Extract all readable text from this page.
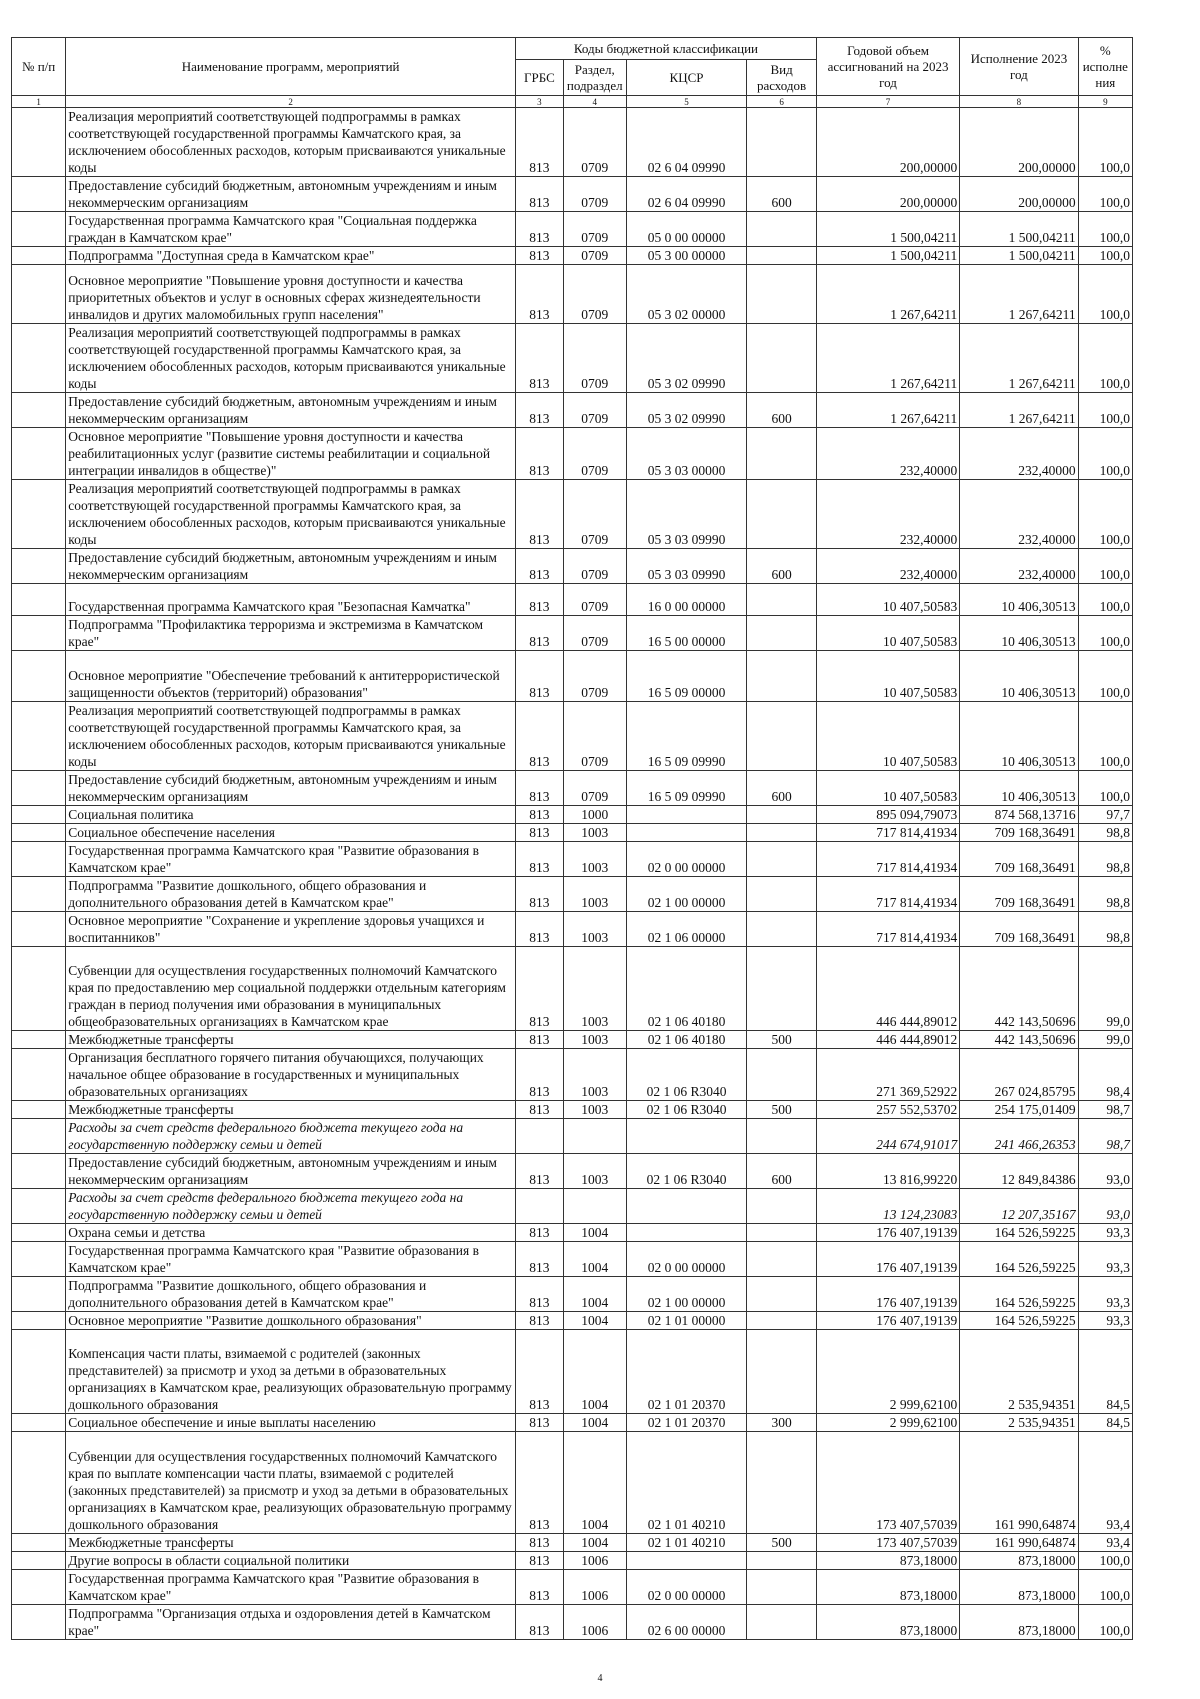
№ п/п	Наименование программ, мероприятий	Коды бюджетной классификации				Годовой объем ассигнований на 2023 год	Исполнение 2023 год	% исполне ния
		ГРБС	Раздел, подраздел	КЦСР	Вид расходов			
1	2	3	4	5	6	7	8	9
	Реализация мероприятий соответствующей подпрограммы в рамках соответствующей государственной программы Камчатского края, за исключением обособленных расходов, которым присваиваются уникальные коды	813	0709	02 6 04 09990		200,00000	200,00000	100,0
	Предоставление субсидий бюджетным, автономным учреждениям и иным некоммерческим организациям	813	0709	02 6 04 09990	600	200,00000	200,00000	100,0
	Государственная программа Камчатского края "Социальная поддержка граждан в Камчатском крае"	813	0709	05 0 00 00000		1 500,04211	1 500,04211	100,0
	Подпрограмма "Доступная среда в Камчатском крае"	813	0709	05 3 00 00000		1 500,04211	1 500,04211	100,0
	Основное мероприятие "Повышение уровня доступности и качества приоритетных объектов и услуг в основных сферах жизнедеятельности инвалидов и других маломобильных групп населения"	813	0709	05 3 02 00000		1 267,64211	1 267,64211	100,0
	Реализация мероприятий соответствующей подпрограммы в рамках соответствующей государственной программы Камчатского края, за исключением обособленных расходов, которым присваиваются уникальные коды	813	0709	05 3 02 09990		1 267,64211	1 267,64211	100,0
	Предоставление субсидий бюджетным, автономным учреждениям и иным некоммерческим организациям	813	0709	05 3 02 09990	600	1 267,64211	1 267,64211	100,0
	Основное мероприятие "Повышение уровня доступности и качества реабилитационных услуг (развитие системы реабилитации и социальной интеграции инвалидов в обществе)"	813	0709	05 3 03 00000		232,40000	232,40000	100,0
	Реализация мероприятий соответствующей подпрограммы в рамках соответствующей государственной программы Камчатского края, за исключением обособленных расходов, которым присваиваются уникальные коды	813	0709	05 3 03 09990		232,40000	232,40000	100,0
	Предоставление субсидий бюджетным, автономным учреждениям и иным некоммерческим организациям	813	0709	05 3 03 09990	600	232,40000	232,40000	100,0
	Государственная программа Камчатского края "Безопасная Камчатка"	813	0709	16 0 00 00000		10 407,50583	10 406,30513	100,0
	Подпрограмма "Профилактика терроризма и экстремизма в Камчатском крае"	813	0709	16 5 00 00000		10 407,50583	10 406,30513	100,0
	Основное мероприятие "Обеспечение требований к антитеррористической защищенности объектов (территорий) образования"	813	0709	16 5 09 00000		10 407,50583	10 406,30513	100,0
	Реализация мероприятий соответствующей подпрограммы в рамках соответствующей государственной программы Камчатского края, за исключением обособленных расходов, которым присваиваются уникальные коды	813	0709	16 5 09 09990		10 407,50583	10 406,30513	100,0
	Предоставление субсидий бюджетным, автономным учреждениям и иным некоммерческим организациям	813	0709	16 5 09 09990	600	10 407,50583	10 406,30513	100,0
	Социальная политика	813	1000			895 094,79073	874 568,13716	97,7
	Социальное обеспечение населения	813	1003			717 814,41934	709 168,36491	98,8
	Государственная программа Камчатского края "Развитие образования в Камчатском крае"	813	1003	02 0 00 00000		717 814,41934	709 168,36491	98,8
	Подпрограмма "Развитие дошкольного, общего образования и дополнительного образования детей в Камчатском крае"	813	1003	02 1 00 00000		717 814,41934	709 168,36491	98,8
	Основное мероприятие "Сохранение и укрепление здоровья учащихся и воспитанников"	813	1003	02 1 06 00000		717 814,41934	709 168,36491	98,8
	Субвенции для осуществления государственных полномочий Камчатского края по предоставлению мер социальной поддержки отдельным категориям граждан в период получения ими образования в муниципальных общеобразовательных организациях в Камчатском крае	813	1003	02 1 06 40180		446 444,89012	442 143,50696	99,0
	Межбюджетные трансферты	813	1003	02 1 06 40180	500	446 444,89012	442 143,50696	99,0
	Организация бесплатного горячего питания обучающихся, получающих начальное общее образование в государственных и муниципальных образовательных организациях	813	1003	02 1 06 R3040		271 369,52922	267 024,85795	98,4
	Межбюджетные трансферты	813	1003	02 1 06 R3040	500	257 552,53702	254 175,01409	98,7
	Расходы за счет средств федерального бюджета текущего года на государственную поддержку семьи и детей					244 674,91017	241 466,26353	98,7
	Предоставление субсидий бюджетным, автономным учреждениям и иным некоммерческим организациям	813	1003	02 1 06 R3040	600	13 816,99220	12 849,84386	93,0
	Расходы за счет средств федерального бюджета текущего года на государственную поддержку семьи и детей					13 124,23083	12 207,35167	93,0
	Охрана семьи и детства	813	1004			176 407,19139	164 526,59225	93,3
	Государственная программа Камчатского края "Развитие образования в Камчатском крае"	813	1004	02 0 00 00000		176 407,19139	164 526,59225	93,3
	Подпрограмма "Развитие дошкольного, общего образования и дополнительного образования детей в Камчатском крае"	813	1004	02 1 00 00000		176 407,19139	164 526,59225	93,3
	Основное мероприятие "Развитие дошкольного образования"	813	1004	02 1 01 00000		176 407,19139	164 526,59225	93,3
	Компенсация части платы, взимаемой с родителей (законных представителей) за присмотр и уход за детьми в образовательных организациях в Камчатском крае, реализующих образовательную программу дошкольного образования	813	1004	02 1 01 20370		2 999,62100	2 535,94351	84,5
	Социальное обеспечение и иные выплаты населению	813	1004	02 1 01 20370	300	2 999,62100	2 535,94351	84,5
	Субвенции для осуществления государственных полномочий Камчатского края по выплате компенсации части платы, взимаемой с родителей (законных представителей) за присмотр и уход за детьми в образовательных организациях в Камчатском крае, реализующих образовательную программу дошкольного образования	813	1004	02 1 01 40210		173 407,57039	161 990,64874	93,4
	Межбюджетные трансферты	813	1004	02 1 01 40210	500	173 407,57039	161 990,64874	93,4
	Другие вопросы в области социальной политики	813	1006			873,18000	873,18000	100,0
	Государственная программа Камчатского края "Развитие образования в Камчатском крае"	813	1006	02 0 00 00000		873,18000	873,18000	100,0
	Подпрограмма "Организация отдыха и оздоровления детей в Камчатском крае"	813	1006	02 6 00 00000		873,18000	873,18000	100,0
4
